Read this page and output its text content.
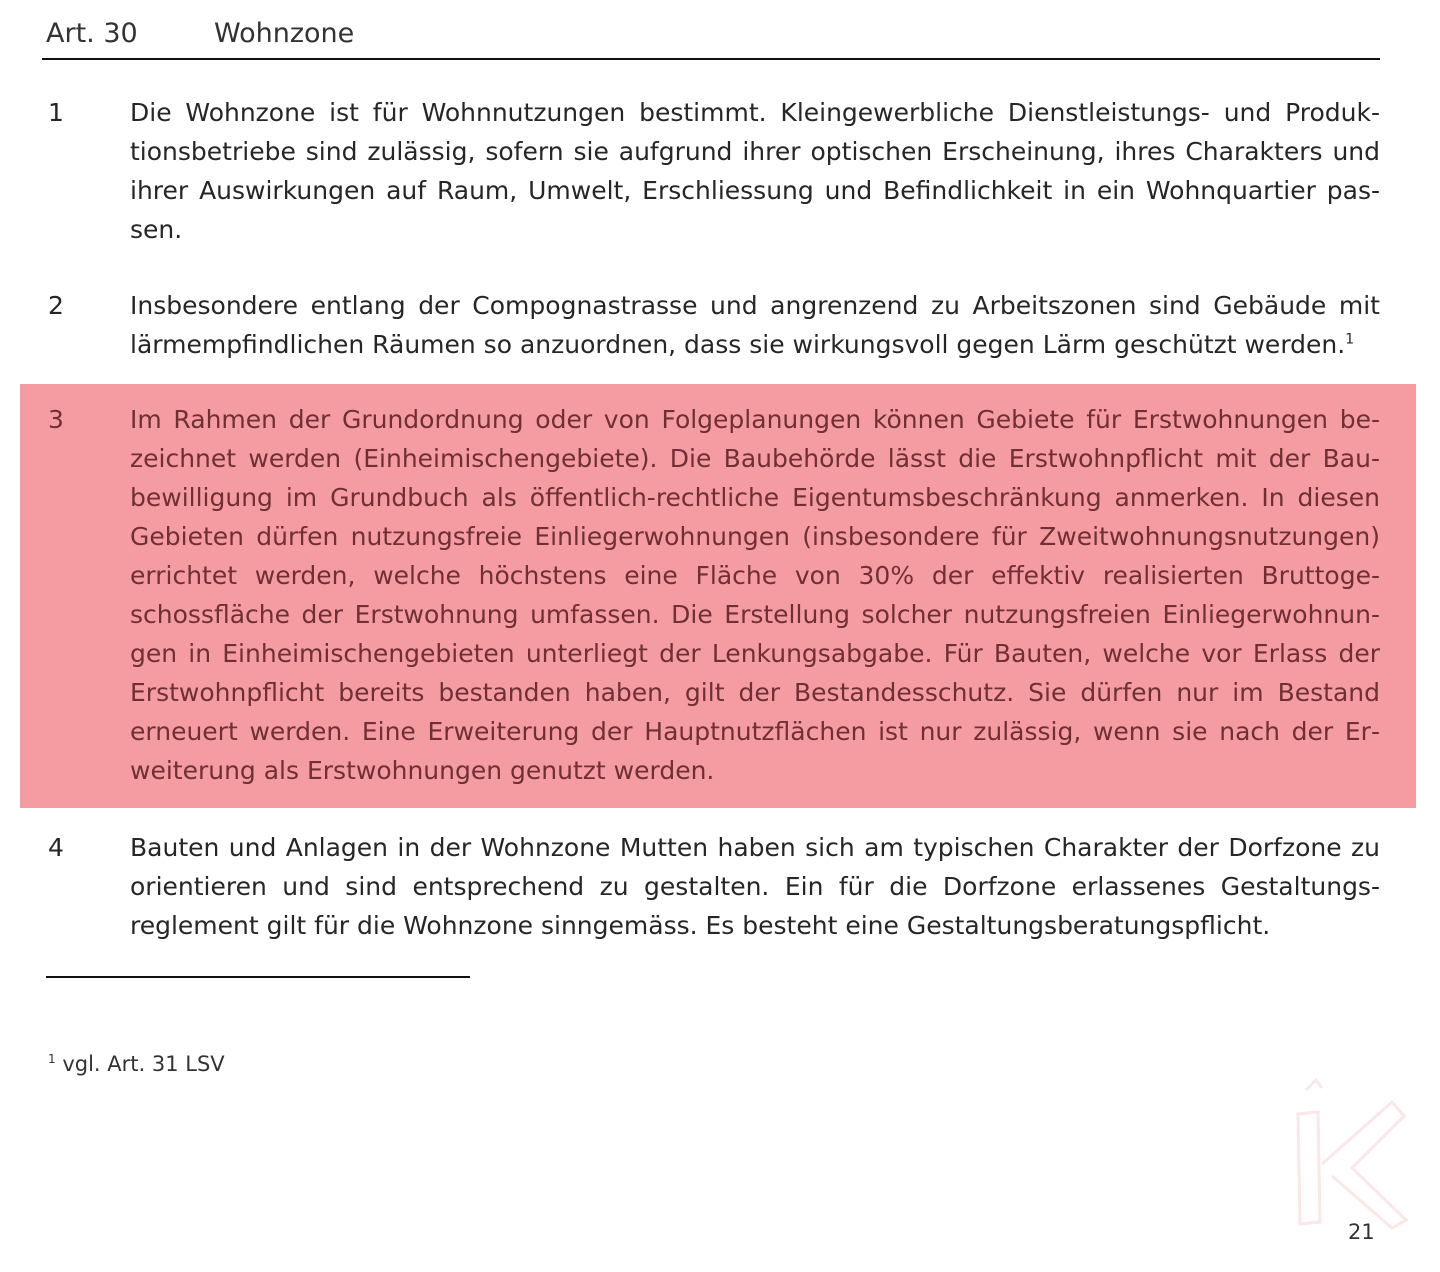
Art. 30	Wohnzone
1	Die Wohnzone ist für Wohnnutzungen bestimmt. Kleingewerbliche Dienstleistungs- und Produktionsbetriebe sind zulässig, sofern sie aufgrund ihrer optischen Erscheinung, ihres Charakters und ihrer Auswirkungen auf Raum, Umwelt, Erschliessung und Befindlichkeit in ein Wohnquartier passen.
2	Insbesondere entlang der Compognastrasse und angrenzend zu Arbeitszonen sind Gebäude mit lärmempfindlichen Räumen so anzuordnen, dass sie wirkungsvoll gegen Lärm geschützt werden.$^1$
3	Im Rahmen der Grundordnung oder von Folgeplanungen können Gebiete für Erstwohnungen bezeichnet werden (Einheimischengebiete). Die Baubehörde lässt die Erstwohnpflicht mit der Baubewilligung im Grundbuch als öffentlich-rechtliche Eigentumsbeschränkung anmerken. In diesen Gebieten dürfen nutzungsfreie Einliegerwohnungen (insbesondere für Zweitwohnungsnutzungen) errichtet werden, welche höchstens eine Fläche von 30% der effektiv realisierten Bruttogeschossfläche der Erstwohnung umfassen. Die Erstellung solcher nutzungsfreien Einliegerwohnungen in Einheimischengebieten unterliegt der Lenkungsabgabe. Für Bauten, welche vor Erlass der Erstwohnpflicht bereits bestanden haben, gilt der Bestandesschutz. Sie dürfen nur im Bestand erneuert werden. Eine Erweiterung der Hauptnutzflächen ist nur zulässig, wenn sie nach der Erweiterung als Erstwohnungen genutzt werden.
4	Bauten und Anlagen in der Wohnzone Mutten haben sich am typischen Charakter der Dorfzone zu orientieren und sind entsprechend zu gestalten. Ein für die Dorfzone erlassenes Gestaltungsreglement gilt für die Wohnzone sinngemäss. Es besteht eine Gestaltungsberatungspflicht.
$^1$ vgl. Art. 31 LSV
21
